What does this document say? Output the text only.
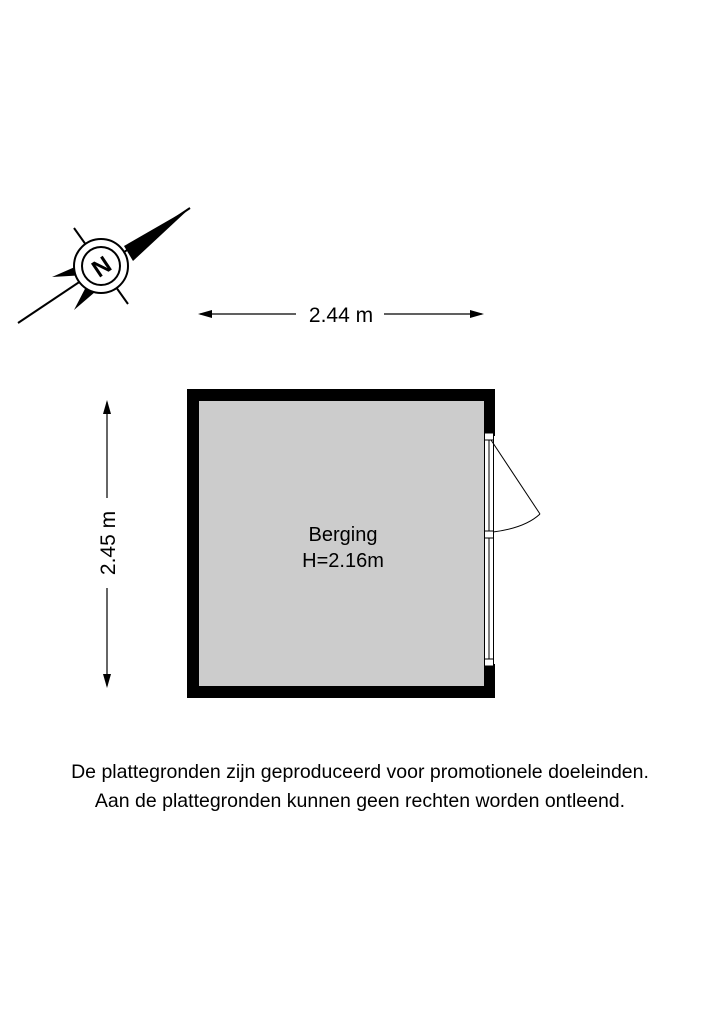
N
2.44 m
2.45 m	Berging
H=2.16m
De plattegronden zijn geproduceerd voor promotionele doeleinden.
Aan de plattegronden kunnen geen rechten worden ontleend.
